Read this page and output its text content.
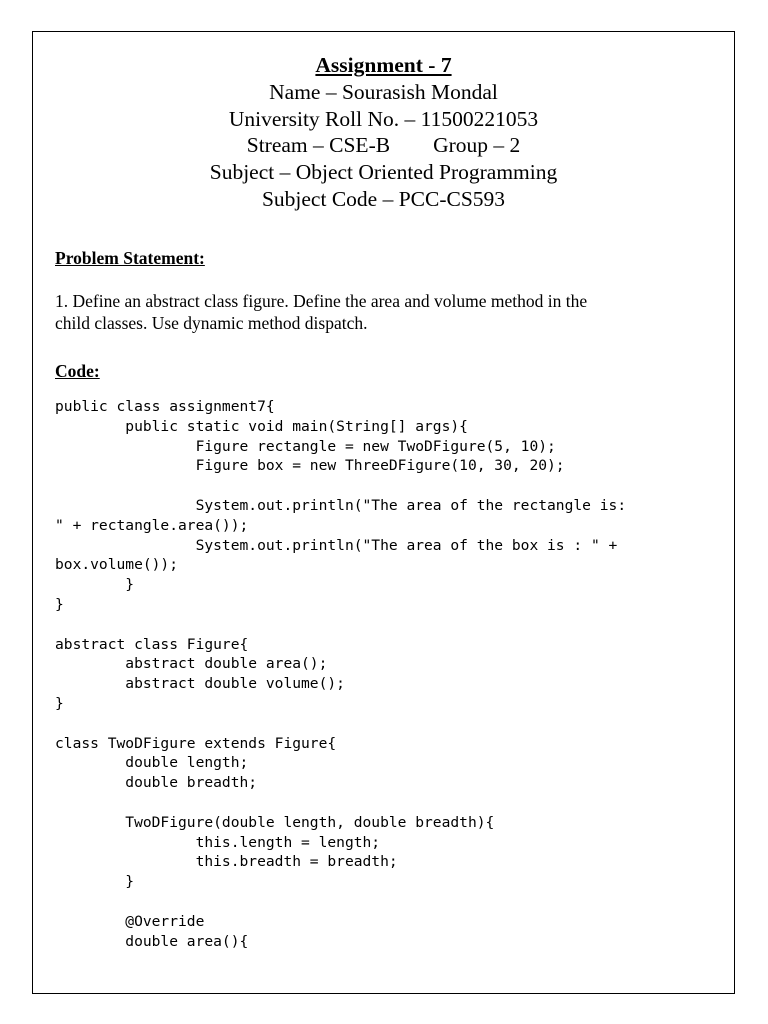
Assignment - 7
Name – Sourasish Mondal
University Roll No. – 11500221053
Stream – CSE-B        Group – 2
Subject – Object Oriented Programming
Subject Code – PCC-CS593
Problem Statement:
1. Define an abstract class figure. Define the area and volume method in the
child classes. Use dynamic method dispatch.
Code:
public class assignment7{
public static void main(String[] args){
Figure rectangle = new TwoDFigure(5, 10);
Figure box = new ThreeDFigure(10, 30, 20);
System.out.println("The area of the rectangle is:
" + rectangle.area());
System.out.println("The area of the box is : " +
box.volume());
}
}
abstract class Figure{
abstract double area();
abstract double volume();
}
class TwoDFigure extends Figure{
double length;
double breadth;
TwoDFigure(double length, double breadth){
this.length = length;
this.breadth = breadth;
}
@Override
double area(){
